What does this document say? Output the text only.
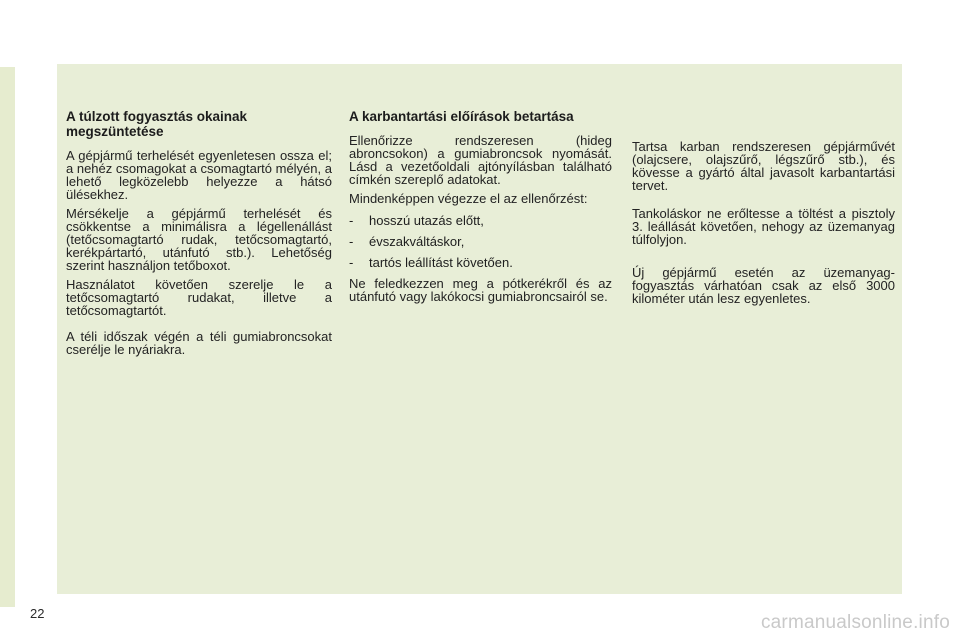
A túlzott fogyasztás okainak megszüntetése

A gépjármű terhelését egyenletesen ossza el; a nehéz csomagokat a csomagtartó mélyén, a lehető legközelebb helyezze a hátsó ülésekhez.

Mérsékelje a gépjármű terhelését és csökkentse a minimálisra a légellenállást (tetőcsomagtartó rudak, tetőcsomagtartó, kerékpártartó, utánfutó stb.). Lehetőség szerint használjon tetőboxot.

Használatot követően szerelje le a tetőcsomagtartó rudakat, illetve a tetőcsomagtartót.

A téli időszak végén a téli gumiabroncsokat cserélje le nyáriakra.

A karbantartási előírások betartása

Ellenőrizze rendszeresen (hideg abroncsokon) a gumiabroncsok nyomását. Lásd a vezetőoldali ajtónyílásban található címkén szereplő adatokat.

Mindenképpen végezze el az ellenőrzést:

-	hosszú utazás előtt,
-	évszakváltáskor,
-	tartós leállítást követően.

Ne feledkezzen meg a pótkerékről és az utánfutó vagy lakókocsi gumiabroncsairól se.

Tartsa karban rendszeresen gépjárművét (olajcsere, olajszűrő, légszűrő stb.), és kövesse a gyártó által javasolt karbantartási tervet.

Tankoláskor ne erőltesse a töltést a pisztoly 3. leállását követően, nehogy az üzemanyag túlfolyjon.

Új gépjármű esetén az üzemanyag-fogyasztás várhatóan csak az első 3000 kilométer után lesz egyenletes.

22	carmanualsonline.info
